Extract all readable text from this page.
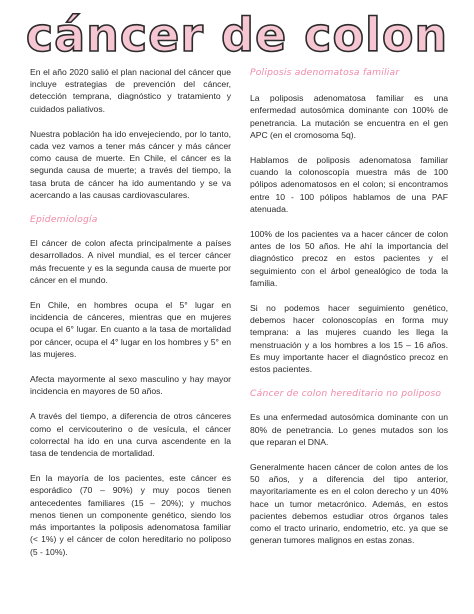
cáncer de colon

En el año 2020 salió el plan nacional del cáncer que incluye estrategias de prevención del cáncer, detección temprana, diagnóstico y tratamiento y cuidados paliativos.

Nuestra población ha ido envejeciendo, por lo tanto, cada vez vamos a tener más cáncer y más cáncer como causa de muerte. En Chile, el cáncer es la segunda causa de muerte; a través del tiempo, la tasa bruta de cáncer ha ido aumentando y se va acercando a las causas cardiovasculares.

Epidemiología

El cáncer de colon afecta principalmente a países desarrollados. A nivel mundial, es el tercer cáncer más frecuente y es la segunda causa de muerte por cáncer en el mundo.

En Chile, en hombres ocupa el 5° lugar en incidencia de cánceres, mientras que en mujeres ocupa el 6° lugar. En cuanto a la tasa de mortalidad por cáncer, ocupa el 4° lugar en los hombres y 5° en las mujeres.

Afecta mayormente al sexo masculino y hay mayor incidencia en mayores de 50 años.

A través del tiempo, a diferencia de otros cánceres como el cervicouterino o de vesícula, el cáncer colorrectal ha ido en una curva ascendente en la tasa de tendencia de mortalidad.

En la mayoría de los pacientes, este cáncer es esporádico (70 – 90%) y muy pocos tienen antecedentes familiares (15 – 20%); y muchos menos tienen un componente genético, siendo los más importantes la poliposis adenomatosa familiar (< 1%) y el cáncer de colon hereditario no poliposo (5 - 10%).

Poliposis adenomatosa familiar

La poliposis adenomatosa familiar es una enfermedad autosómica dominante con 100% de penetrancia. La mutación se encuentra en el gen APC (en el cromosoma 5q).

Hablamos de poliposis adenomatosa familiar cuando la colonoscopía muestra más de 100 pólipos adenomatosos en el colon; si encontramos entre 10 - 100 pólipos hablamos de una PAF atenuada.

100% de los pacientes va a hacer cáncer de colon antes de los 50 años. He ahí la importancia del diagnóstico precoz en estos pacientes y el seguimiento con el árbol genealógico de toda la familia.

Si no podemos hacer seguimiento genético, debemos hacer colonoscopías en forma muy temprana: a las mujeres cuando les llega la menstruación y a los hombres a los 15 – 16 años. Es muy importante hacer el diagnóstico precoz en estos pacientes.

Cáncer de colon hereditario no poliposo

Es una enfermedad autosómica dominante con un 80% de penetrancia. Lo genes mutados son los que reparan el DNA.

Generalmente hacen cáncer de colon antes de los 50 años, y a diferencia del tipo anterior, mayoritariamente es en el colon derecho y un 40% hace un tumor metacrónico. Además, en estos pacientes debemos estudiar otros órganos tales como el tracto urinario, endometrio, etc. ya que se generan tumores malignos en estas zonas.
